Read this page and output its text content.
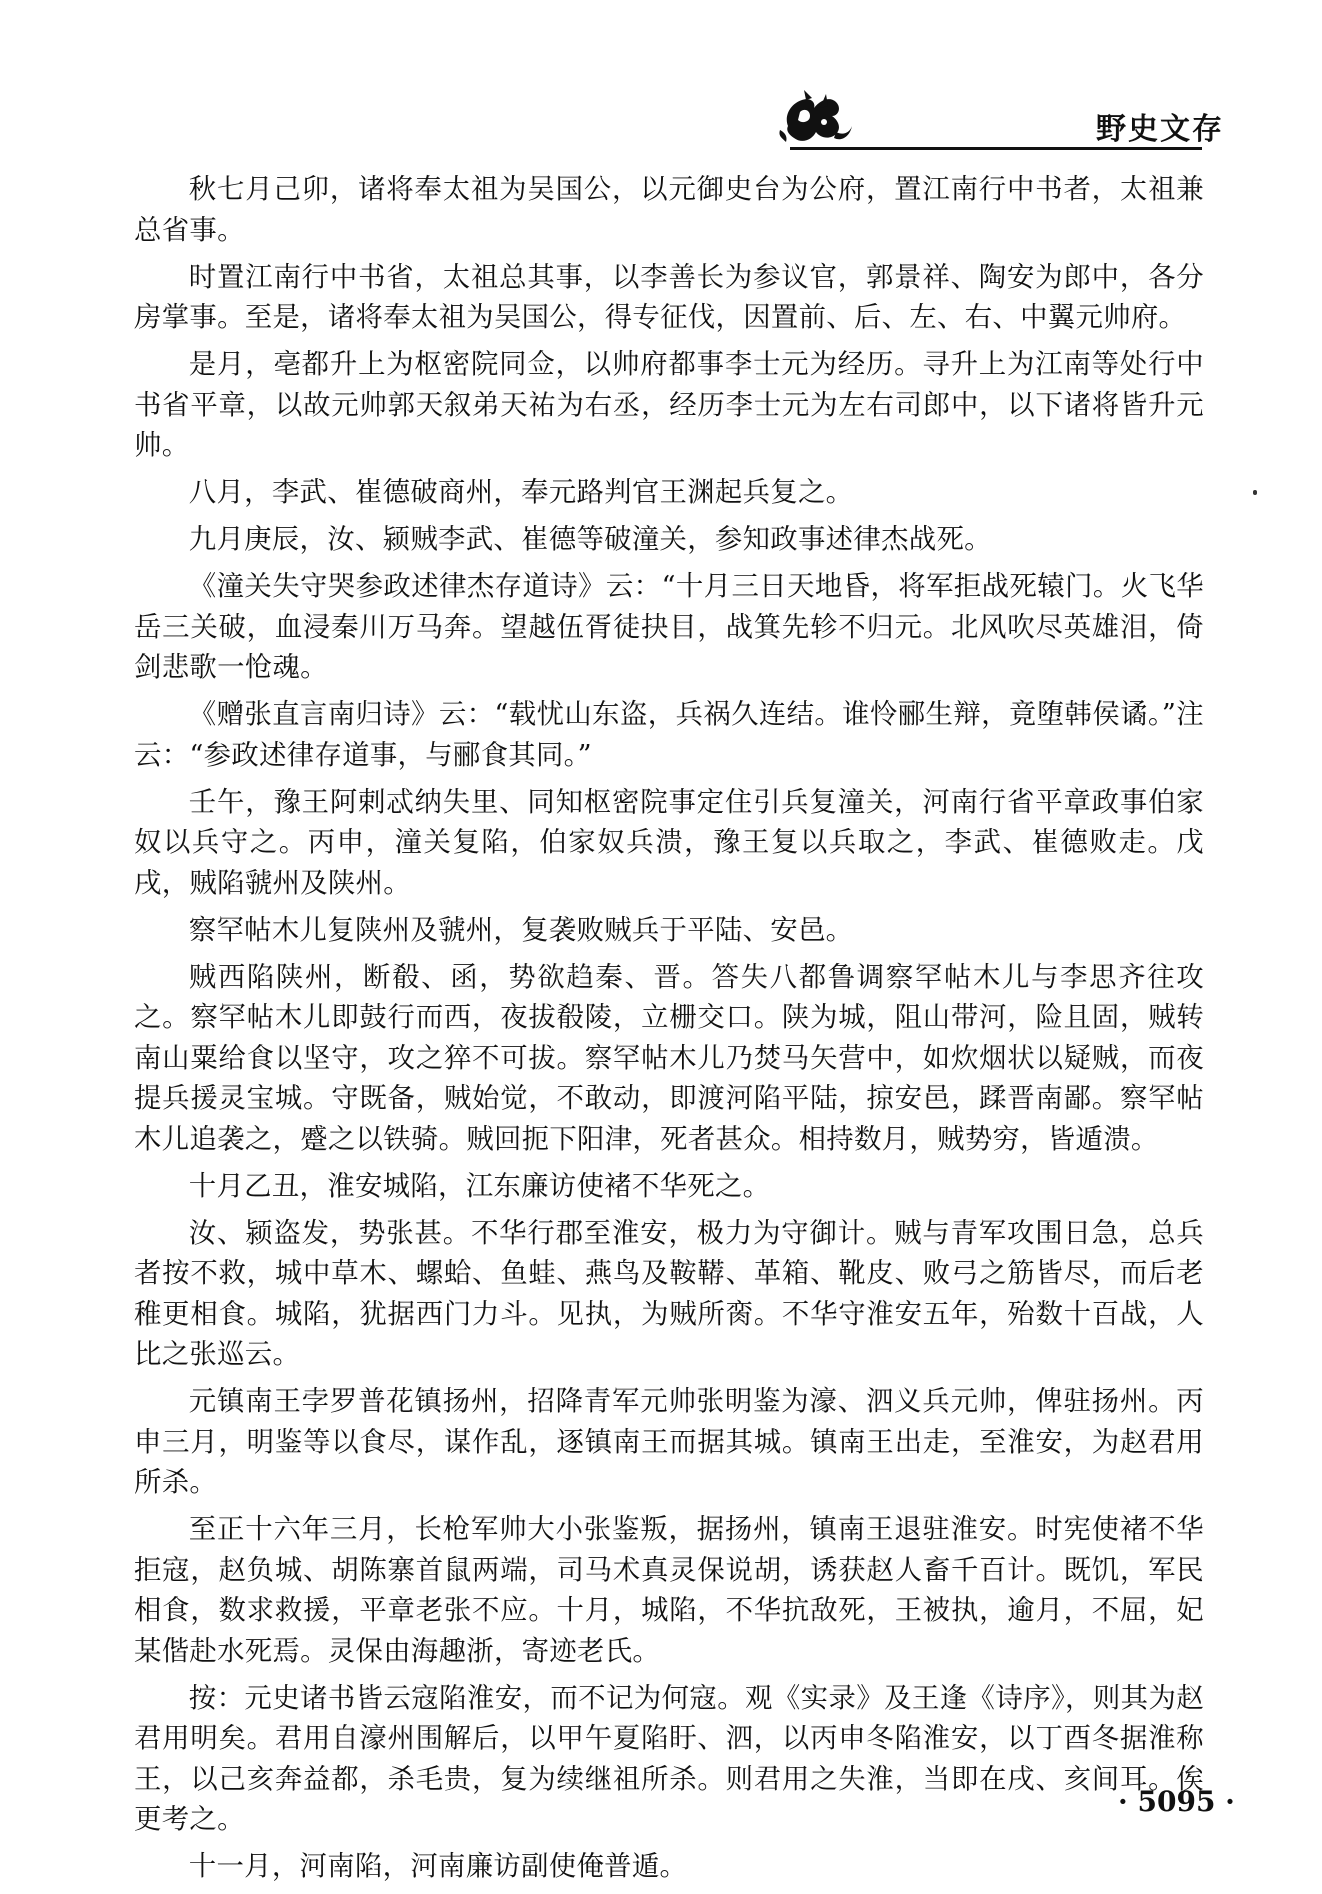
野史文存

秋七月己卯，诸将奉太祖为吴国公，以元御史台为公府，置江南行中书者，太祖兼总省事。

时置江南行中书省，太祖总其事，以李善长为参议官，郭景祥、陶安为郎中，各分房掌事。至是，诸将奉太祖为吴国公，得专征伐，因置前、后、左、右、中翼元帅府。

是月，亳都升上为枢密院同佥，以帅府都事李士元为经历。寻升上为江南等处行中书省平章，以故元帅郭天叙弟天祐为右丞，经历李士元为左右司郎中，以下诸将皆升元帅。

八月，李武、崔德破商州，奉元路判官王渊起兵复之。

九月庚辰，汝、颍贼李武、崔德等破潼关，参知政事述律杰战死。

《潼关失守哭参政述律杰存道诗》云：“十月三日天地昏，将军拒战死辕门。火飞华岳三关破，血浸秦川万马奔。望越伍胥徒抉目，战箕先轸不归元。北风吹尽英雄泪，倚剑悲歌一怆魂。

《赠张直言南归诗》云：“载忧山东盗，兵祸久连结。谁怜郦生辩，竟堕韩侯谲。”注云：“参政述律存道事，与郦食其同。”

壬午，豫王阿剌忒纳失里、同知枢密院事定住引兵复潼关，河南行省平章政事伯家奴以兵守之。丙申，潼关复陷，伯家奴兵溃，豫王复以兵取之，李武、崔德败走。戊戌，贼陷虢州及陕州。

察罕帖木儿复陕州及虢州，复袭败贼兵于平陆、安邑。

贼西陷陕州，断殽、函，势欲趋秦、晋。答失八都鲁调察罕帖木儿与李思齐往攻之。察罕帖木儿即鼓行而西，夜拔殽陵，立栅交口。陕为城，阻山带河，险且固，贼转南山粟给食以坚守，攻之猝不可拔。察罕帖木儿乃焚马矢营中，如炊烟状以疑贼，而夜提兵援灵宝城。守既备，贼始觉，不敢动，即渡河陷平陆，掠安邑，蹂晋南鄙。察罕帖木儿追袭之，蹙之以铁骑。贼回扼下阳津，死者甚众。相持数月，贼势穷，皆遁溃。

十月乙丑，淮安城陷，江东廉访使褚不华死之。

汝、颍盗发，势张甚。不华行郡至淮安，极力为守御计。贼与青军攻围日急，总兵者按不救，城中草木、螺蛤、鱼蛙、燕鸟及鞍鞯、革箱、靴皮、败弓之筋皆尽，而后老稚更相食。城陷，犹据西门力斗。见执，为贼所脔。不华守淮安五年，殆数十百战，人比之张巡云。

元镇南王孛罗普花镇扬州，招降青军元帅张明鉴为濠、泗义兵元帅，俾驻扬州。丙申三月，明鉴等以食尽，谋作乱，逐镇南王而据其城。镇南王出走，至淮安，为赵君用所杀。

至正十六年三月，长枪军帅大小张鉴叛，据扬州，镇南王退驻淮安。时宪使褚不华拒寇，赵负城、胡陈寨首鼠两端，司马术真灵保说胡，诱获赵人畜千百计。既饥，军民相食，数求救援，平章老张不应。十月，城陷，不华抗敌死，王被执，逾月，不屈，妃某偕赴水死焉。灵保由海趣浙，寄迹老氏。

按：元史诸书皆云寇陷淮安，而不记为何寇。观《实录》及王逢《诗序》，则其为赵君用明矣。君用自濠州围解后，以甲午夏陷盱、泗，以丙申冬陷淮安，以丁酉冬据淮称王，以己亥奔益都，杀毛贵，复为续继祖所杀。则君用之失淮，当即在戌、亥间耳。俟更考之。

十一月，河南陷，河南廉访副使俺普遁。

· 5095 ·
